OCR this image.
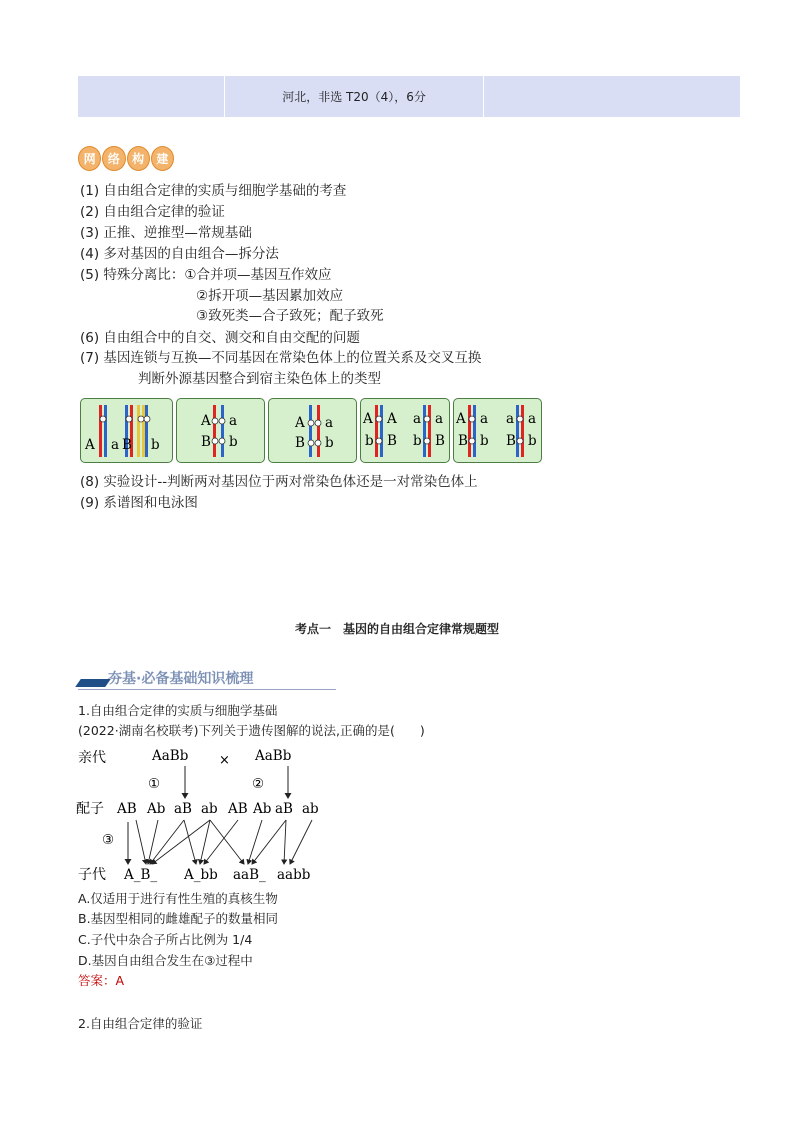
河北，非选 T20（4），6分
网	络	构	建
(1) 自由组合定律的实质与细胞学基础的考查
(2) 自由组合定律的验证
(3) 正推、逆推型—常规基础
(4) 多对基因的自由组合—拆分法
(5) 特殊分离比：①合并项—基因互作效应
②拆开项—基因累加效应
③致死类—合子致死；配子致死
(6) 自由组合中的自交、测交和自由交配的问题
(7) 基因连锁与互换—不同基因在常染色体上的位置关系及交叉互换
判断外源基因整合到宿主染色体上的类型
A a B b
A a
B b
A a
B b
A A a a
b B b B
A a a a
B b B b
(8) 实验设计--判断两对基因位于两对常染色体还是一对常染色体上
(9) 系谱图和电泳图
考点一　基因的自由组合定律常规题型
夯基·必备基础知识梳理
1.自由组合定律的实质与细胞学基础
(2022·湖南名校联考)下列关于遗传图解的说法,正确的是(　　)
亲代	AaBb × AaBb
①	②
配子 AB Ab aB ab AB Ab aB ab
③
子代 A_B_ A_bb aaB_ aabb
A.仅适用于进行有性生殖的真核生物
B.基因型相同的雌雄配子的数量相同
C.子代中杂合子所占比例为 1/4
D.基因自由组合发生在③过程中
答案：A
2.自由组合定律的验证
